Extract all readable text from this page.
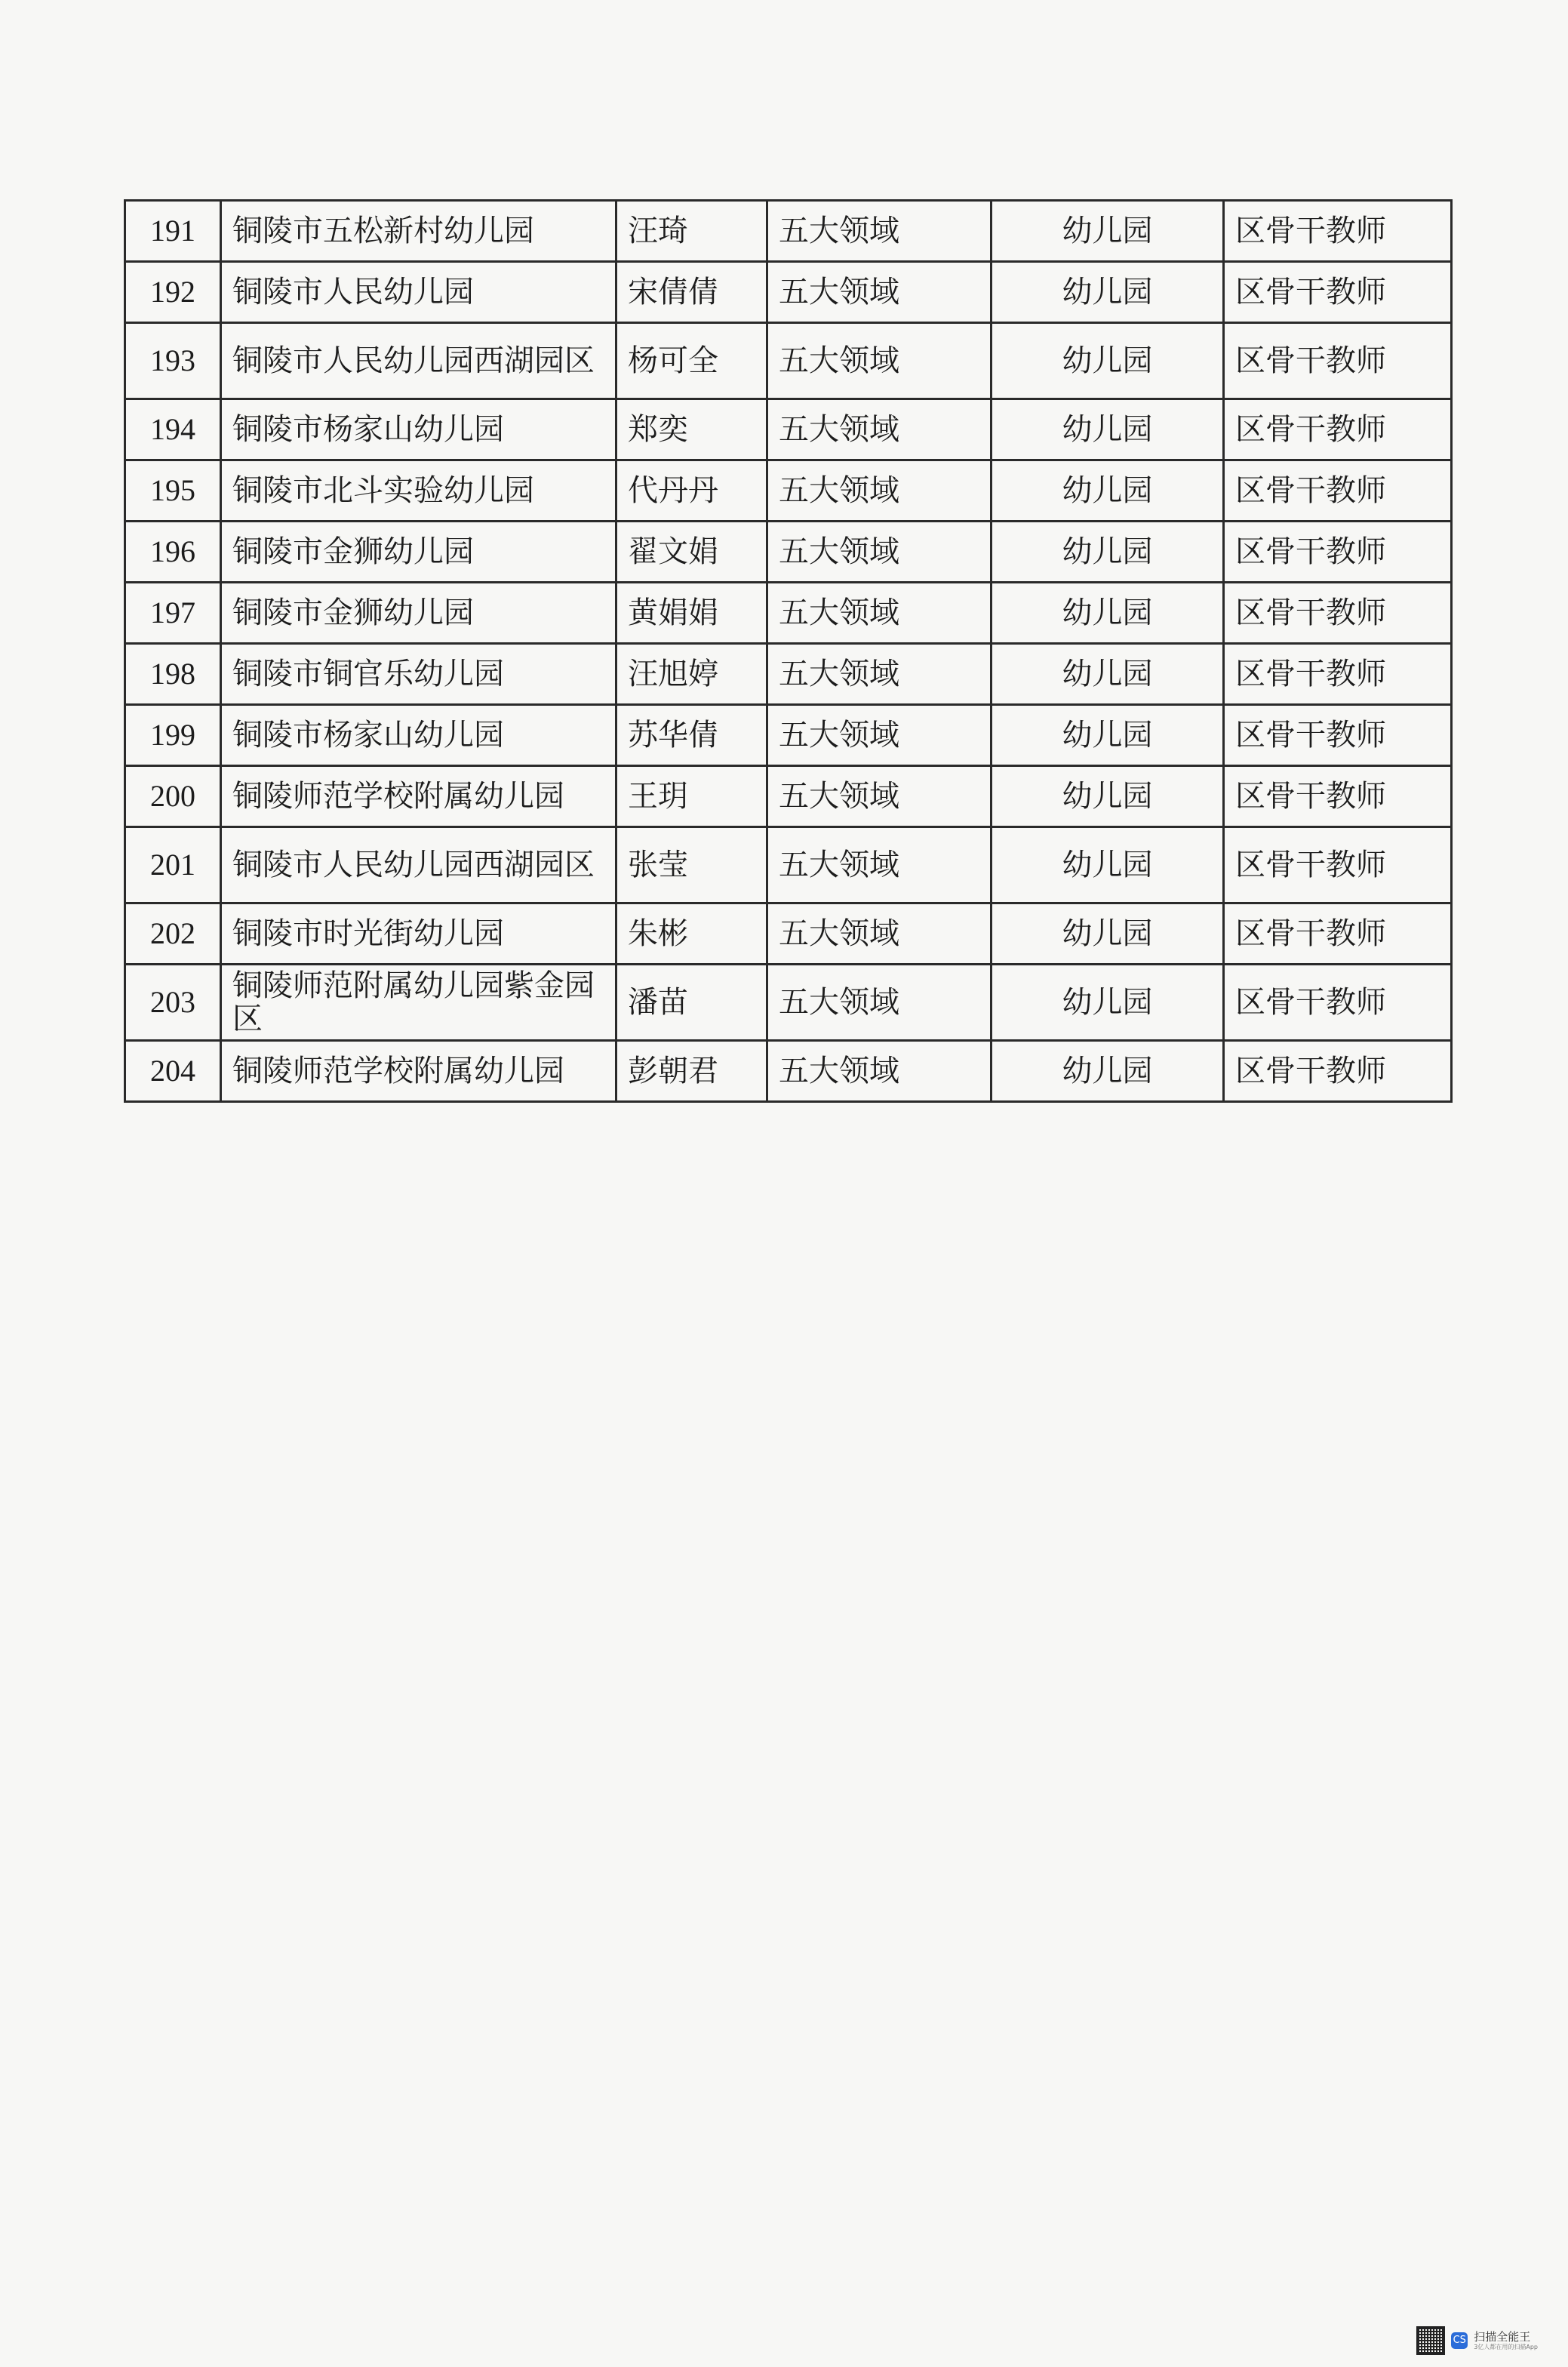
191	铜陵市五松新村幼儿园	汪琦	五大领域	幼儿园	区骨干教师
192	铜陵市人民幼儿园	宋倩倩	五大领域	幼儿园	区骨干教师
193	铜陵市人民幼儿园西湖园区	杨可全	五大领域	幼儿园	区骨干教师
194	铜陵市杨家山幼儿园	郑奕	五大领域	幼儿园	区骨干教师
195	铜陵市北斗实验幼儿园	代丹丹	五大领域	幼儿园	区骨干教师
196	铜陵市金狮幼儿园	翟文娟	五大领域	幼儿园	区骨干教师
197	铜陵市金狮幼儿园	黄娟娟	五大领域	幼儿园	区骨干教师
198	铜陵市铜官乐幼儿园	汪旭婷	五大领域	幼儿园	区骨干教师
199	铜陵市杨家山幼儿园	苏华倩	五大领域	幼儿园	区骨干教师
200	铜陵师范学校附属幼儿园	王玥	五大领域	幼儿园	区骨干教师
201	铜陵市人民幼儿园西湖园区	张莹	五大领域	幼儿园	区骨干教师
202	铜陵市时光街幼儿园	朱彬	五大领域	幼儿园	区骨干教师
203	铜陵师范附属幼儿园紫金园区	潘苗	五大领域	幼儿园	区骨干教师
204	铜陵师范学校附属幼儿园	彭朝君	五大领域	幼儿园	区骨干教师
CS 扫描全能王
3亿人都在用的扫描App
